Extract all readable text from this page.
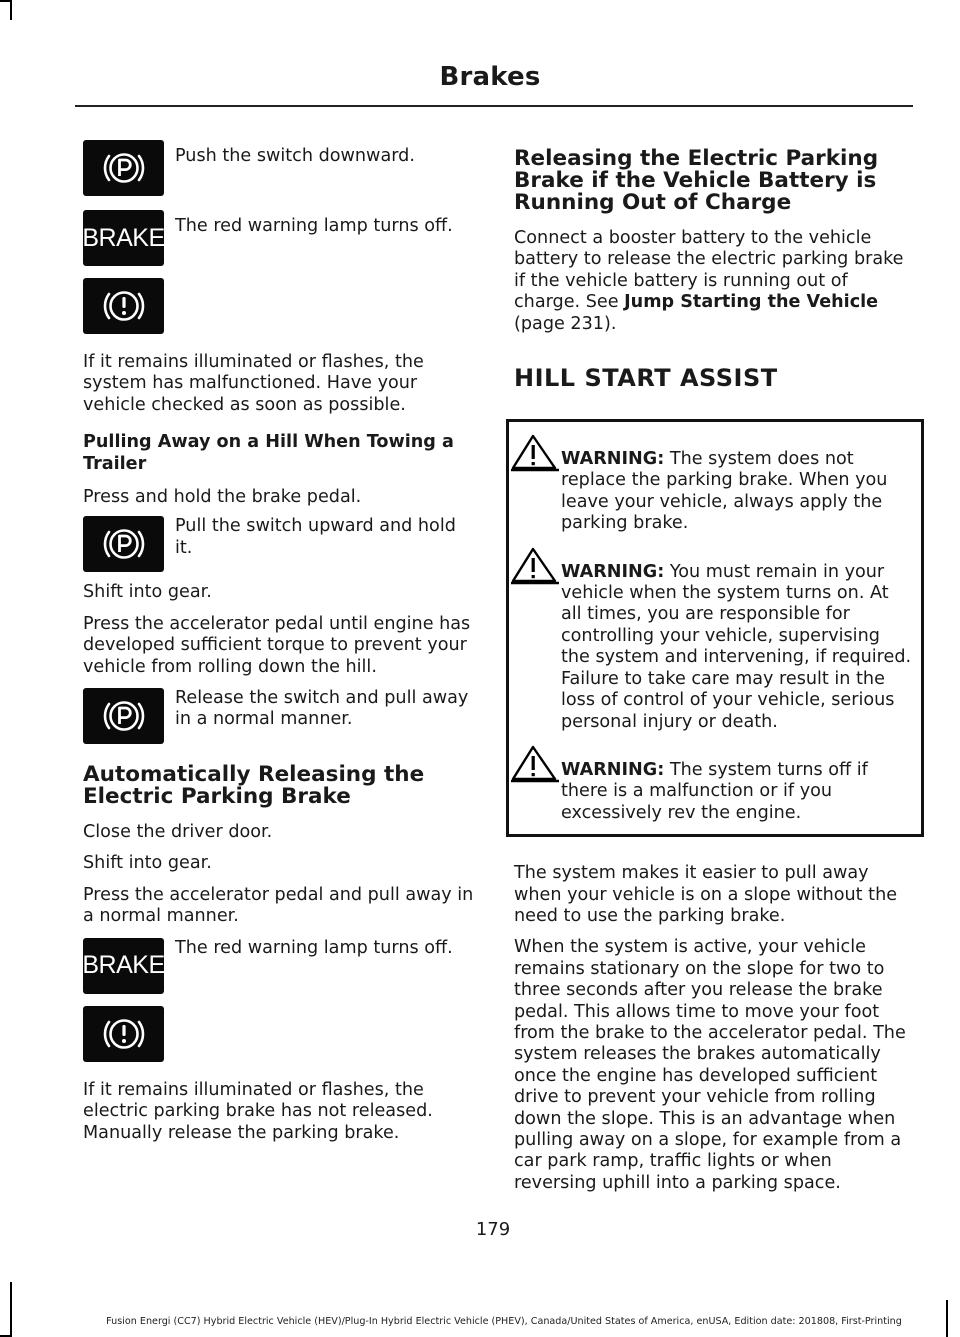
Brakes
Push the switch downward.
BRAKE The red warning lamp turns off.

If it remains illuminated or flashes, the system has malfunctioned. Have your vehicle checked as soon as possible.

Pulling Away on a Hill When Towing a Trailer

Press and hold the brake pedal.

Pull the switch upward and hold it.

Shift into gear.

Press the accelerator pedal until engine has developed sufficient torque to prevent your vehicle from rolling down the hill.

Release the switch and pull away in a normal manner.
Automatically Releasing the Electric Parking Brake

Close the driver door.

Shift into gear.

Press the accelerator pedal and pull away in a normal manner.

BRAKE
The red warning lamp turns off.

If it remains illuminated or flashes, the electric parking brake has not released. Manually release the parking brake.

Releasing the Electric Parking Brake if the Vehicle Battery is Running Out of Charge

Connect a booster battery to the vehicle battery to release the electric parking brake if the vehicle battery is running out of charge. See Jump Starting the Vehicle (page 231).

HILL START ASSIST

WARNING: The system does not replace the parking brake. When you leave your vehicle, always apply the parking brake.

WARNING: You must remain in your vehicle when the system turns on. At all times, you are responsible for controlling your vehicle, supervising the system and intervening, if required. Failure to take care may result in the loss of control of your vehicle, serious personal injury or death.

WARNING: The system turns off if there is a malfunction or if you excessively rev the engine.

The system makes it easier to pull away when your vehicle is on a slope without the need to use the parking brake.

When the system is active, your vehicle remains stationary on the slope for two to three seconds after you release the brake pedal. This allows time to move your foot from the brake to the accelerator pedal. The system releases the brakes automatically once the engine has developed sufficient drive to prevent your vehicle from rolling down the slope. This is an advantage when pulling away on a slope, for example from a car park ramp, traffic lights or when reversing uphill into a parking space.

179
Fusion Energi (CC7) Hybrid Electric Vehicle (HEV)/Plug-In Hybrid Electric Vehicle (PHEV), Canada/United States of America, enUSA, Edition date: 201808, First-Printing
